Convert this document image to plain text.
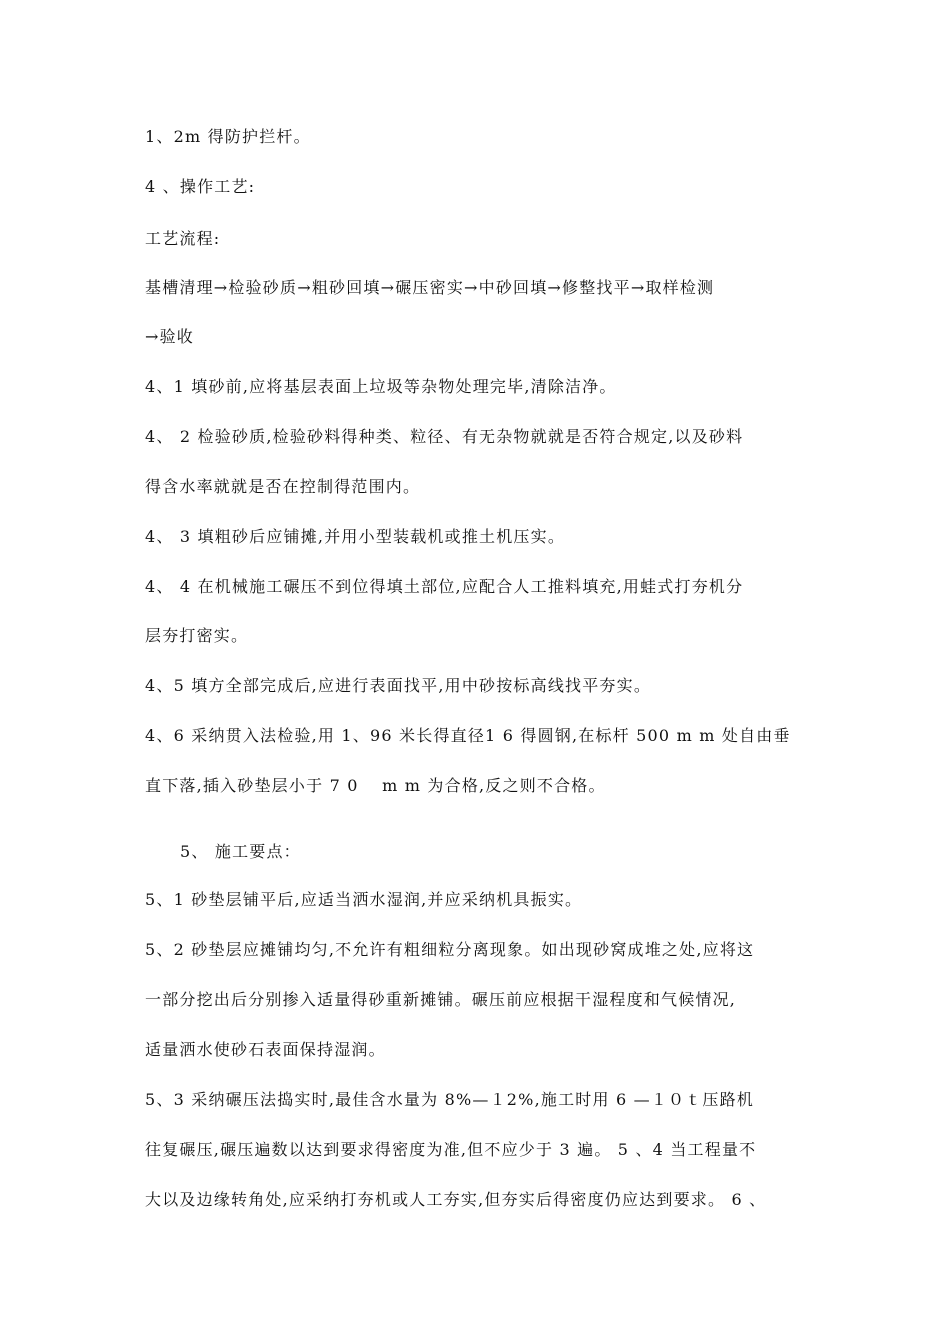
1、2m 得防护拦杆。
4 、操作工艺:
工艺流程:
基槽清理→检验砂质→粗砂回填→碾压密实→中砂回填→修整找平→取样检测
→验收
4、1 填砂前,应将基层表面上垃圾等杂物处理完毕,清除洁净。
4、 2 检验砂质,检验砂料得种类、粒径、有无杂物就就是否符合规定,以及砂料
得含水率就就是否在控制得范围内。
4、 3 填粗砂后应铺摊,并用小型装载机或推土机压实。
4、 4 在机械施工碾压不到位得填土部位,应配合人工推料填充,用蛙式打夯机分
层夯打密实。
4、5 填方全部完成后,应进行表面找平,用中砂按标高线找平夯实。
4、6 采纳贯入法检验,用 1、96 米长得直径1 6 得圆钢,在标杆 500 m m 处自由垂
直下落,插入砂垫层小于 7 0 　m m 为合格,反之则不合格。
5、 施工要点：
5、1 砂垫层铺平后,应适当洒水湿润,并应采纳机具振实。
5、2 砂垫层应摊铺均匀,不允许有粗细粒分离现象。如出现砂窝成堆之处,应将这
一部分挖出后分别掺入适量得砂重新摊铺。碾压前应根据干湿程度和气候情况,
适量洒水使砂石表面保持湿润。
5、3 采纳碾压法捣实时,最佳含水量为 8%—１2%,施工时用 6 —１０ｔ压路机
往复碾压,碾压遍数以达到要求得密度为准,但不应少于 3 遍。 5 、4 当工程量不
大以及边缘转角处,应采纳打夯机或人工夯实,但夯实后得密度仍应达到要求。 6 、
